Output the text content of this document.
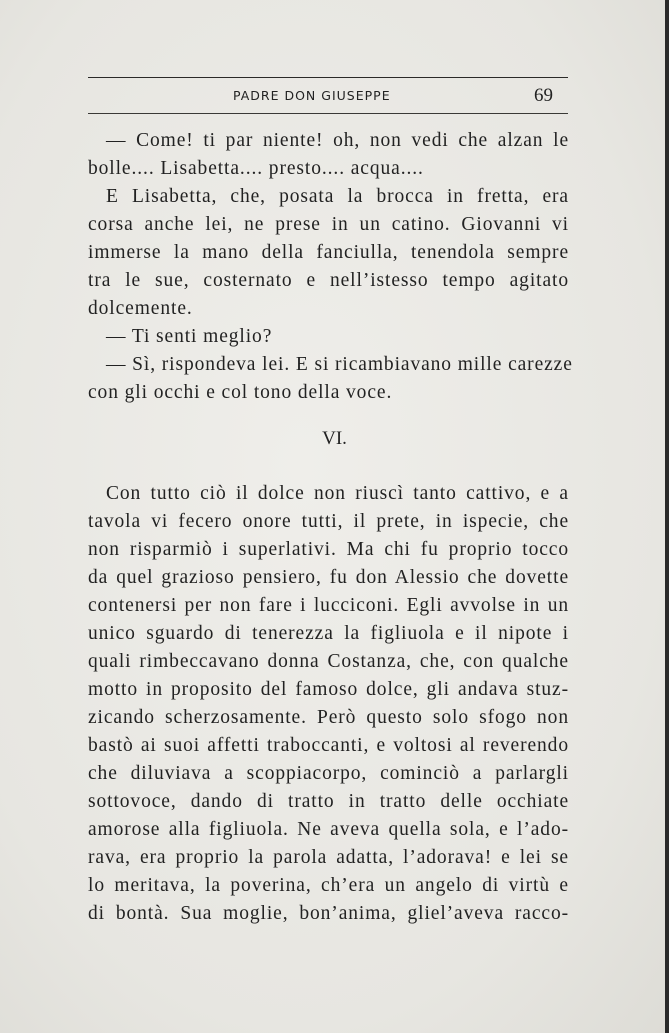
PADRE DON GIUSEPPE	69
— Come! ti par niente! oh, non vedi che alzan le
bolle.... Lisabetta.... presto.... acqua....
E Lisabetta, che, posata la brocca in fretta, era
corsa anche lei, ne prese in un catino. Giovanni vi
immerse la mano della fanciulla, tenendola sempre
tra le sue, costernato e nell’istesso tempo agitato
dolcemente.
— Ti senti meglio?
— Sì, rispondeva lei. E si ricambiavano mille carezze
con gli occhi e col tono della voce.
VI.
Con tutto ciò il dolce non riuscì tanto cattivo, e a
tavola vi fecero onore tutti, il prete, in ispecie, che
non risparmiò i superlativi. Ma chi fu proprio tocco
da quel grazioso pensiero, fu don Alessio che dovette
contenersi per non fare i lucciconi. Egli avvolse in un
unico sguardo di tenerezza la figliuola e il nipote i
quali rimbeccavano donna Costanza, che, con qualche
motto in proposito del famoso dolce, gli andava stuz-
zicando scherzosamente. Però questo solo sfogo non
bastò ai suoi affetti traboccanti, e voltosi al reverendo
che diluviava a scoppiacorpo, cominciò a parlargli
sottovoce, dando di tratto in tratto delle occhiate
amorose alla figliuola. Ne aveva quella sola, e l’ado-
rava, era proprio la parola adatta, l’adorava! e lei se
lo meritava, la poverina, ch’era un angelo di virtù e
di bontà. Sua moglie, bon’anima, gliel’aveva racco-
